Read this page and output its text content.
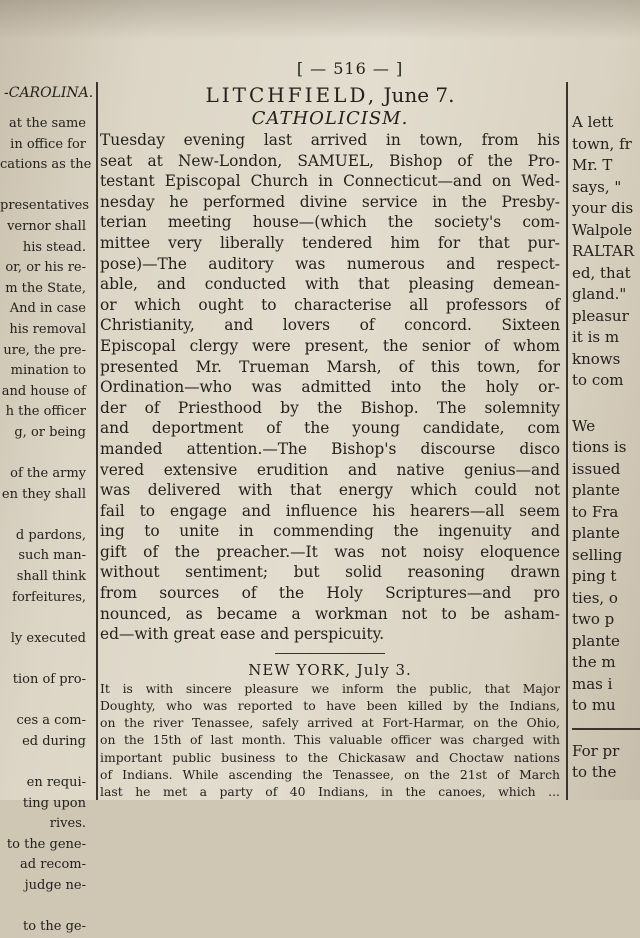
-CAROLINA.
at the same
in office for
cations as the
presentatives
vernor shall
his stead.
or, or his re-
m the State,
And in case
his removal
ure, the pre-
mination to
and house of
h the officer
g, or being
of the army
en they shall
d pardons,
such man-
shall think
forfeitures,
ly executed
tion of pro-
ces a com-
ed during
en requi-
ting upon
rives.
to the gene-
ad recom-
judge ne-
to the ge-
[ — 516 — ]
LITCHFIELD, June 7.
CATHOLICISM.
Tuesday evening last arrived in town, from his
seat at New-London, SAMUEL, Bishop of the Pro-
testant Episcopal Church in Connecticut—and on Wed-
nesday he performed divine service in the Presby-
terian meeting house—(which the society's com-
mittee very liberally tendered him for that pur-
pose)—The auditory was numerous and respect-
able, and conducted with that pleasing demean-
or which ought to characterise all professors of
Christianity, and lovers of concord. Sixteen
Episcopal clergy were present, the senior of whom
presented Mr. Trueman Marsh, of this town, for
Ordination—who was admitted into the holy or-
der of Priesthood by the Bishop. The solemnity
and deportment of the young candidate, com
manded attention.—The Bishop's discourse disco
vered extensive erudition and native genius—and
was delivered with that energy which could not
fail to engage and influence his hearers—all seem
ing to unite in commending the ingenuity and
gift of the preacher.—It was not noisy eloquence
without sentiment; but solid reasoning drawn
from sources of the Holy Scriptures—and pro
nounced, as became a workman not to be asham-
ed—with great ease and perspicuity.
NEW YORK, July 3.
It is with sincere pleasure we inform the public, that Major
Doughty, who was reported to have been killed by the Indians,
on the river Tenassee, safely arrived at Fort-Harmar, on the Ohio,
on the 15th of last month. This valuable officer was charged with
important public business to the Chickasaw and Choctaw nations
of Indians. While ascending the Tenassee, on the 21st of March
last he met a party of 40 Indians, in the canoes, which ...
A lett
town, fr
Mr. T
says, "
your dis
Walpole
RALTAR
ed, that
gland."
pleasur
it is m
knows
to com
We
tions is
issued
plante
to Fra
plante
selling
ping t
ties, o
two p
plante
the m
mas i
to mu
For pr
to the
